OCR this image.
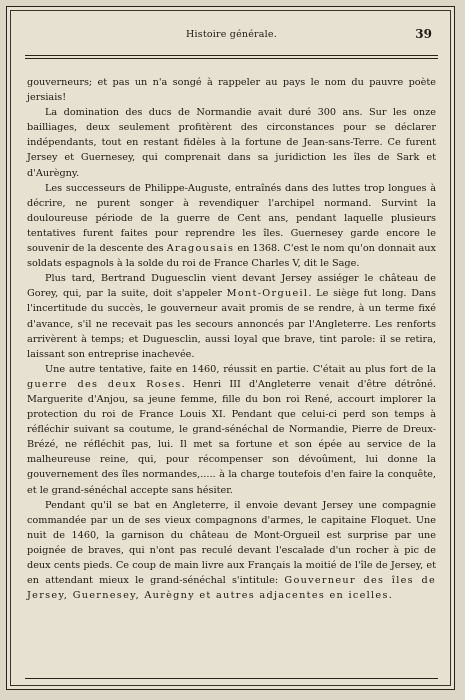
Histoire générale.	39

gouverneurs; et pas un n'a songé à rappeler au pays le nom du pauvre poète jersiais!

La domination des ducs de Normandie avait duré 300 ans. Sur les onze bailliages, deux seulement profitèrent des circonstances pour se déclarer indépendants, tout en restant fidèles à la fortune de Jean-sans-Terre. Ce furent Jersey et Guernesey, qui comprenait dans sa juridiction les îles de Sark et d'Aurègny.

Les successeurs de Philippe-Auguste, entraînés dans des luttes trop longues à décrire, ne purent songer à revendiquer l'archipel normand. Survint la douloureuse période de la guerre de Cent ans, pendant laquelle plusieurs tentatives furent faites pour reprendre les îles. Guernesey garde encore le souvenir de la descente des Aragousais en 1368. C'est le nom qu'on donnait aux soldats espagnols à la solde du roi de France Charles V, dit le Sage.

Plus tard, Bertrand Duguesclin vient devant Jersey assiéger le château de Gorey, qui, par la suite, doit s'appeler Mont-Orgueil. Le siège fut long. Dans l'incertitude du succès, le gouverneur avait promis de se rendre, à un terme fixé d'avance, s'il ne recevait pas les secours annoncés par l'Angleterre. Les renforts arrivèrent à temps; et Duguesclin, aussi loyal que brave, tint parole: il se retira, laissant son entreprise inachevée.

Une autre tentative, faite en 1460, réussit en partie. C'était au plus fort de la guerre des deux Roses. Henri III d'Angleterre venait d'être détrôné. Marguerite d'Anjou, sa jeune femme, fille du bon roi René, accourt implorer la protection du roi de France Louis XI. Pendant que celui-ci perd son temps à réfléchir suivant sa coutume, le grand-sénéchal de Normandie, Pierre de Dreux-Brézé, ne réfléchit pas, lui. Il met sa fortune et son épée au service de la malheureuse reine, qui, pour récompenser son dévoûment, lui donne la gouvernement des îles normandes,..... à la charge toutefois d'en faire la conquête, et le grand-sénéchal accepte sans hésiter.

Pendant qu'il se bat en Angleterre, il envoie devant Jersey une compagnie commandée par un de ses vieux compagnons d'armes, le capitaine Floquet. Une nuit de 1460, la garnison du château de Mont-Orgueil est surprise par une poignée de braves, qui n'ont pas reculé devant l'escalade d'un rocher à pic de deux cents pieds. Ce coup de main livre aux Français la moitié de l'île de Jersey, et en attendant mieux le grand-sénéchal s'intitule: Gouverneur des îles de Jersey, Guernesey, Aurègny et autres adjacentes en icelles.
